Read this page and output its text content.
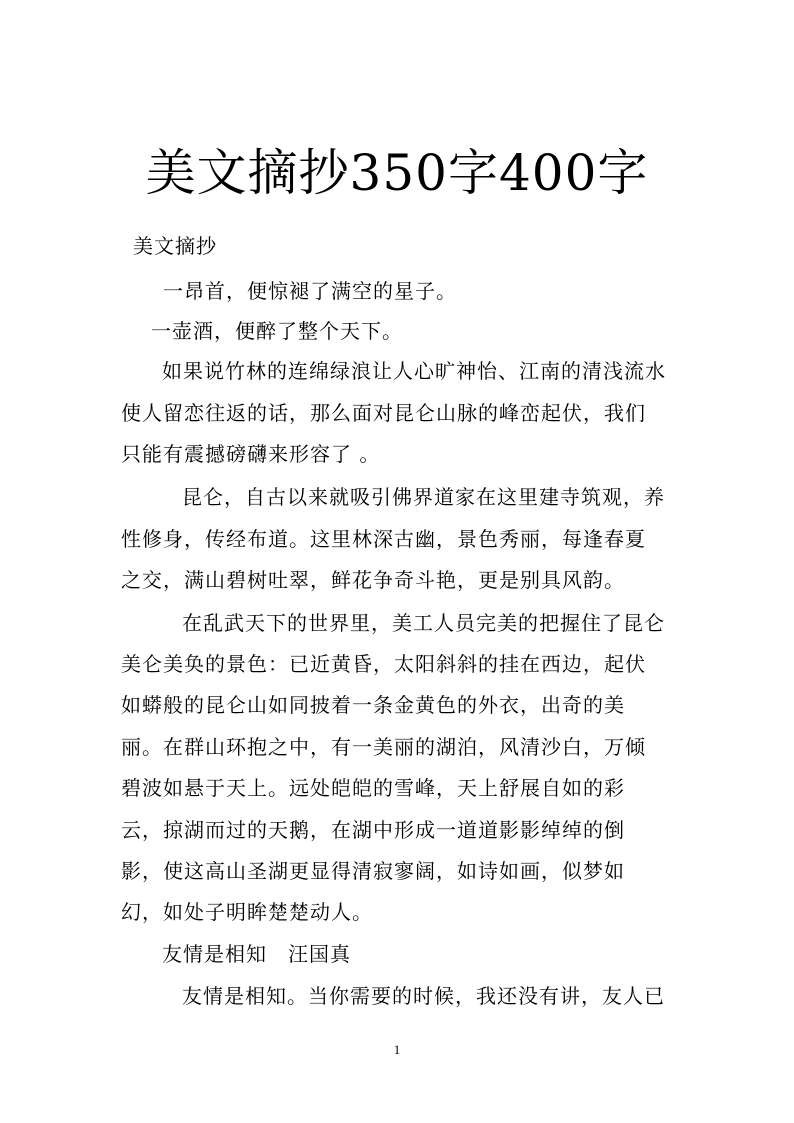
美文摘抄350字400字
美文摘抄
一昂首，便惊褪了满空的星子。
一壶酒，便醉了整个天下。
如果说竹林的连绵绿浪让人心旷神怡、江南的清浅流水
使人留恋往返的话，那么面对昆仑山脉的峰峦起伏，我们
只能有震撼磅礴来形容了 。
昆仑，自古以来就吸引佛界道家在这里建寺筑观，养
性修身，传经布道。这里林深古幽，景色秀丽，每逢春夏
之交，满山碧树吐翠，鲜花争奇斗艳，更是别具风韵。
在乱武天下的世界里，美工人员完美的把握住了昆仑
美仑美奂的景色：已近黄昏，太阳斜斜的挂在西边，起伏
如蟒般的昆仑山如同披着一条金黄色的外衣，出奇的美
丽。在群山环抱之中，有一美丽的湖泊，风清沙白，万倾
碧波如悬于天上。远处皑皑的雪峰，天上舒展自如的彩
云，掠湖而过的天鹅，在湖中形成一道道影影绰绰的倒
影，使这高山圣湖更显得清寂寥阔，如诗如画，似梦如
幻，如处子明眸楚楚动人。
友情是相知　汪国真
友情是相知。当你需要的时候，我还没有讲，友人已
1
